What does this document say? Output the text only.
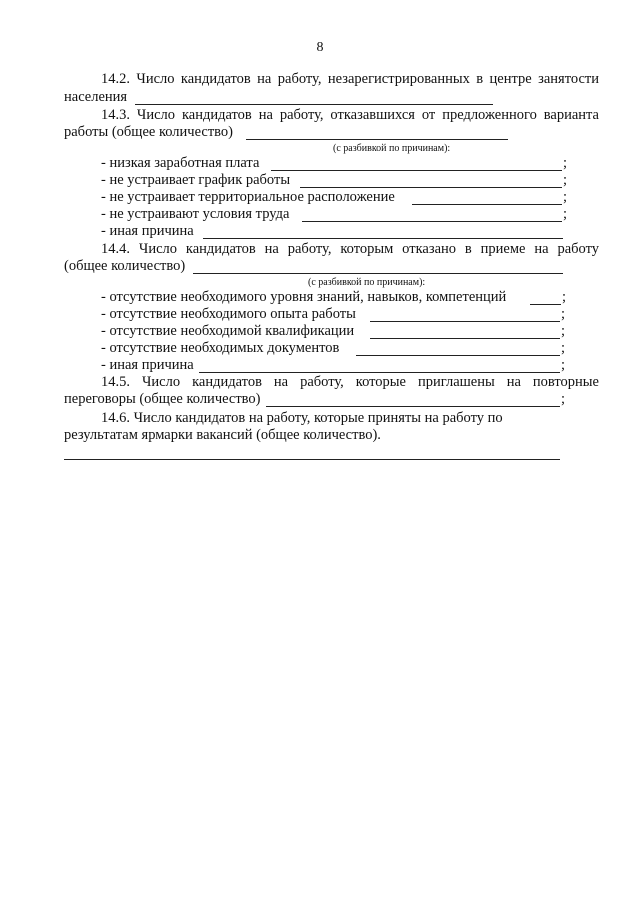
8
14.2. Число кандидатов на работу, незарегистрированных в центре занятости
населения
14.3. Число кандидатов на работу, отказавшихся от предложенного варианта
работы (общее количество)
(с разбивкой по причинам):
- низкая заработная плата	;
- не устраивает график работы	;
- не устраивает территориальное расположение	;
- не устраивают условия труда	;
- иная причина
14.4. Число кандидатов на работу, которым отказано в приеме на работу
(общее количество)
(с разбивкой по причинам):
- отсутствие необходимого уровня знаний, навыков, компетенций	;
- отсутствие необходимого опыта работы	;
- отсутствие необходимой квалификации	;
- отсутствие необходимых документов	;
- иная причина	;
14.5. Число кандидатов на работу, которые приглашены на повторные
переговоры (общее количество)	;
14.6. Число кандидатов на работу, которые приняты на работу по
результатам ярмарки вакансий (общее количество).
